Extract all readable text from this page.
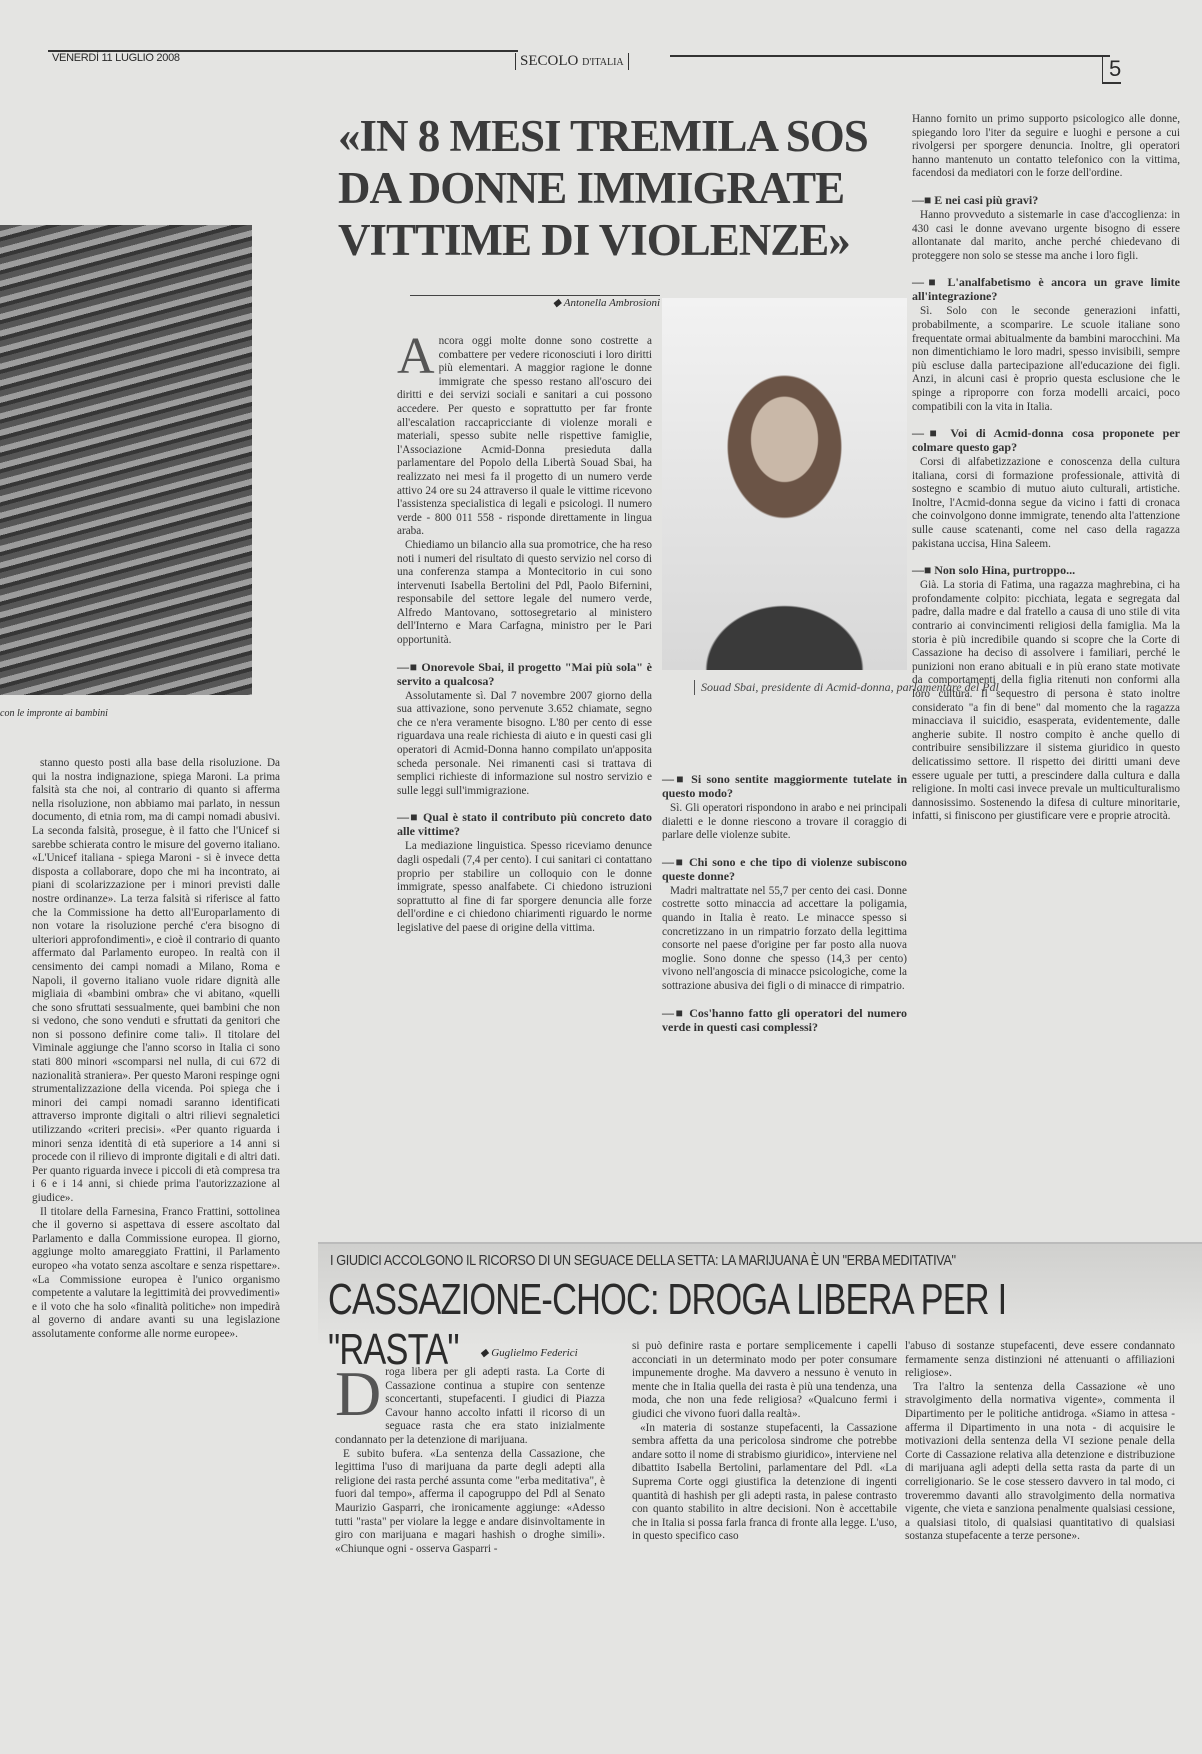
VENERDÌ 11 LUGLIO 2008	SECOLO D'ITALIA	5
con le impronte ai bambini
«IN 8 MESI TREMILA SOS DA DONNE IMMIGRATE VITTIME DI VIOLENZE»
◆ Antonella Ambrosioni
Souad Sbai, presidente di Acmid-donna, parlamentare del Pdl

stanno questo posti alla base della risoluzione. Da qui la nostra indignazione, spiega Maroni. La prima falsità sta che noi, al contrario di quanto si afferma nella risoluzione, non abbiamo mai parlato, in nessun documento, di etnia rom, ma di campi nomadi abusivi. La seconda falsità, prosegue, è il fatto che l'Unicef si sarebbe schierata contro le misure del governo italiano. «L'Unicef italiana - spiega Maroni - si è invece detta disposta a collaborare, dopo che mi ha incontrato, ai piani di scolarizzazione per i minori previsti dalle nostre ordinanze». La terza falsità si riferisce al fatto che la Commissione ha detto all'Europarlamento di non votare la risoluzione perché c'era bisogno di ulteriori approfondimenti», e cioè il contrario di quanto affermato dal Parlamento europeo. In realtà con il censimento dei campi nomadi a Milano, Roma e Napoli, il governo italiano vuole ridare dignità alle migliaia di «bambini ombra» che vi abitano, «quelli che sono sfruttati sessualmente, quei bambini che non si vedono, che sono venduti e sfruttati da genitori che non si possono definire come tali». Il titolare del Viminale aggiunge che l'anno scorso in Italia ci sono stati 800 minori «scomparsi nel nulla, di cui 672 di nazionalità straniera». Per questo Maroni respinge ogni strumentalizzazione della vicenda. Poi spiega che i minori dei campi nomadi saranno identificati attraverso impronte digitali o altri rilievi segnaletici utilizzando «criteri precisi». «Per quanto riguarda i minori senza identità di età superiore a 14 anni si procede con il rilievo di impronte digitali e di altri dati. Per quanto riguarda invece i piccoli di età compresa tra i 6 e i 14 anni, si chiede prima l'autorizzazione al giudice».

Il titolare della Farnesina, Franco Frattini, sottolinea che il governo si aspettava di essere ascoltato dal Parlamento e dalla Commissione europea. Il giorno, aggiunge molto amareggiato Frattini, il Parlamento europeo «ha votato senza ascoltare e senza rispettare». «La Commissione europea è l'unico organismo competente a valutare la legittimità dei provvedimenti» e il voto che ha solo «finalità politiche» non impedirà al governo di andare avanti su una legislazione assolutamente conforme alle norme europee».

A ncora oggi molte donne sono costrette a combattere per vedere riconosciuti i loro diritti più elementari. A maggior ragione le donne immigrate che spesso restano all'oscuro dei diritti e dei servizi sociali e sanitari a cui possono accedere. Per questo e soprattutto per far fronte all'escalation raccapricciante di violenze morali e materiali, spesso subite nelle rispettive famiglie, l'Associazione Acmid-Donna presieduta dalla parlamentare del Popolo della Libertà Souad Sbai, ha realizzato nei mesi fa il progetto di un numero verde attivo 24 ore su 24 attraverso il quale le vittime ricevono l'assistenza specialistica di legali e psicologi. Il numero verde - 800 011 558 - risponde direttamente in lingua araba.

Chiediamo un bilancio alla sua promotrice, che ha reso noti i numeri del risultato di questo servizio nel corso di una conferenza stampa a Montecitorio in cui sono intervenuti Isabella Bertolini del Pdl, Paolo Bifernini, responsabile del settore legale del numero verde, Alfredo Mantovano, sottosegretario al ministero dell'Interno e Mara Carfagna, ministro per le Pari opportunità.

—■ Onorevole Sbai, il progetto "Mai più sola" è servito a qualcosa?

Assolutamente sì. Dal 7 novembre 2007 giorno della sua attivazione, sono pervenute 3.652 chiamate, segno che ce n'era veramente bisogno. L'80 per cento di esse riguardava una reale richiesta di aiuto e in questi casi gli operatori di Acmid-Donna hanno compilato un'apposita scheda personale. Nei rimanenti casi si trattava di semplici richieste di informazione sul nostro servizio e sulle leggi sull'immigrazione.

—■ Qual è stato il contributo più concreto dato alle vittime?

La mediazione linguistica. Spesso riceviamo denunce dagli ospedali (7,4 per cento). I cui sanitari ci contattano proprio per stabilire un colloquio con le donne immigrate, spesso analfabete. Ci chiedono istruzioni soprattutto al fine di far sporgere denuncia alle forze dell'ordine e ci chiedono chiarimenti riguardo le norme legislative del paese di origine della vittima.

—■ Si sono sentite maggiormente tutelate in questo modo?

Sì. Gli operatori rispondono in arabo e nei principali dialetti e le donne riescono a trovare il coraggio di parlare delle violenze subite.

—■ Chi sono e che tipo di violenze subiscono queste donne?

Madri maltrattate nel 55,7 per cento dei casi. Donne costrette sotto minaccia ad accettare la poligamia, quando in Italia è reato. Le minacce spesso si concretizzano in un rimpatrio forzato della legittima consorte nel paese d'origine per far posto alla nuova moglie. Sono donne che spesso (14,3 per cento) vivono nell'angoscia di minacce psicologiche, come la sottrazione abusiva dei figli o di minacce di rimpatrio.

—■ Cos'hanno fatto gli operatori del numero verde in questi casi complessi?

Hanno fornito un primo supporto psicologico alle donne, spiegando loro l'iter da seguire e luoghi e persone a cui rivolgersi per sporgere denuncia. Inoltre, gli operatori hanno mantenuto un contatto telefonico con la vittima, facendosi da mediatori con le forze dell'ordine.

—■ E nei casi più gravi?

Hanno provveduto a sistemarle in case d'accoglienza: in 430 casi le donne avevano urgente bisogno di essere allontanate dal marito, anche perché chiedevano di proteggere non solo se stesse ma anche i loro figli.

—■ L'analfabetismo è ancora un grave limite all'integrazione?

Sì. Solo con le seconde generazioni infatti, probabilmente, a scomparire. Le scuole italiane sono frequentate ormai abitualmente da bambini marocchini. Ma non dimentichiamo le loro madri, spesso invisibili, sempre più escluse dalla partecipazione all'educazione dei figli. Anzi, in alcuni casi è proprio questa esclusione che le spinge a riproporre con forza modelli arcaici, poco compatibili con la vita in Italia.

—■ Voi di Acmid-donna cosa proponete per colmare questo gap?

Corsi di alfabetizzazione e conoscenza della cultura italiana, corsi di formazione professionale, attività di sostegno e scambio di mutuo aiuto culturali, artistiche. Inoltre, l'Acmid-donna segue da vicino i fatti di cronaca che coinvolgono donne immigrate, tenendo alta l'attenzione sulle cause scatenanti, come nel caso della ragazza pakistana uccisa, Hina Saleem.

—■ Non solo Hina, purtroppo...

Già. La storia di Fatima, una ragazza maghrebina, ci ha profondamente colpito: picchiata, legata e segregata dal padre, dalla madre e dal fratello a causa di uno stile di vita contrario ai convincimenti religiosi della famiglia. Ma la storia è più incredibile quando si scopre che la Corte di Cassazione ha deciso di assolvere i familiari, perché le punizioni non erano abituali e in più erano state motivate da comportamenti della figlia ritenuti non conformi alla loro cultura. Il sequestro di persona è stato inoltre considerato "a fin di bene" dal momento che la ragazza minacciava il suicidio, esasperata, evidentemente, dalle angherie subite. Il nostro compito è anche quello di contribuire sensibilizzare il sistema giuridico in questo delicatissimo settore. Il rispetto dei diritti umani deve essere uguale per tutti, a prescindere dalla cultura e dalla religione. In molti casi invece prevale un multiculturalismo dannosissimo. Sostenendo la difesa di culture minoritarie, infatti, si finiscono per giustificare vere e proprie atrocità.

I GIUDICI ACCOLGONO IL RICORSO DI UN SEGUACE DELLA SETTA: LA MARIJUANA È UN "ERBA MEDITATIVA"
CASSAZIONE-CHOC: DROGA LIBERA PER I "RASTA"	◆ Guglielmo Federici
D roga libera per gli adepti rasta. La Corte di Cassazione continua a stupire con sentenze sconcertanti, stupefacenti. I giudici di Piazza Cavour hanno accolto infatti il ricorso di un seguace rasta che era stato inizialmente condannato per la detenzione di marijuana.

E subito bufera. «La sentenza della Cassazione, che legittima l'uso di marijuana da parte degli adepti alla religione dei rasta perché assunta come "erba meditativa", è fuori dal tempo», afferma il capogruppo del Pdl al Senato Maurizio Gasparri, che ironicamente aggiunge: «Adesso tutti "rasta" per violare la legge e andare disinvoltamente in giro con marijuana e magari hashish o droghe simili». «Chiunque ogni - osserva Gasparri -

si può definire rasta e portare semplicemente i capelli acconciati in un determinato modo per poter consumare impunemente droghe. Ma davvero a nessuno è venuto in mente che in Italia quella dei rasta è più una tendenza, una moda, che non una fede religiosa? «Qualcuno fermi i giudici che vivono fuori dalla realtà».

«In materia di sostanze stupefacenti, la Cassazione sembra affetta da una pericolosa sindrome che potrebbe andare sotto il nome di strabismo giuridico», interviene nel dibattito Isabella Bertolini, parlamentare del Pdl. «La Suprema Corte oggi giustifica la detenzione di ingenti quantità di hashish per gli adepti rasta, in palese contrasto con quanto stabilito in altre decisioni. Non è accettabile che in Italia si possa farla franca di fronte alla legge. L'uso, in questo specifico caso

l'abuso di sostanze stupefacenti, deve essere condannato fermamente senza distinzioni né attenuanti o affiliazioni religiose».

Tra l'altro la sentenza della Cassazione «è uno stravolgimento della normativa vigente», commenta il Dipartimento per le politiche antidroga. «Siamo in attesa - afferma il Dipartimento in una nota - di acquisire le motivazioni della sentenza della VI sezione penale della Corte di Cassazione relativa alla detenzione e distribuzione di marijuana agli adepti della setta rasta da parte di un correligionario. Se le cose stessero davvero in tal modo, ci troveremmo davanti allo stravolgimento della normativa vigente, che vieta e sanziona penalmente qualsiasi cessione, a qualsiasi titolo, di qualsiasi quantitativo di qualsiasi sostanza stupefacente a terze persone».
